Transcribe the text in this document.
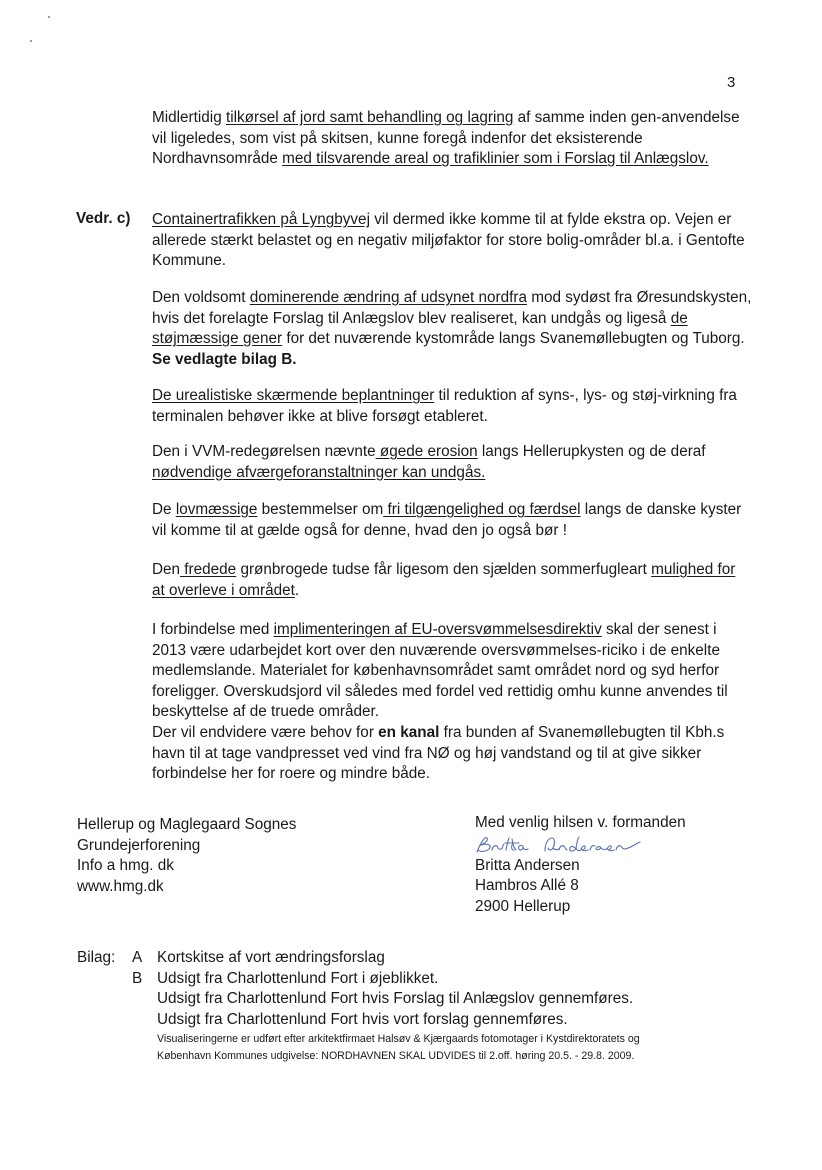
3

Midlertidig tilkørsel af jord samt behandling og lagring af samme inden gen-anvendelse vil ligeledes, som vist på skitsen, kunne foregå indenfor det eksisterende Nordhavnsområde med tilsvarende areal og trafiklinier som i Forslag til Anlægslov.

Vedr. c) Containertrafikken på Lyngbyvej vil dermed ikke komme til at fylde ekstra op. Vejen er allerede stærkt belastet og en negativ miljøfaktor for store bolig-områder bl.a. i Gentofte Kommune.

Den voldsomt dominerende ændring af udsynet nordfra mod sydøst fra Øresundskysten, hvis det forelagte Forslag til Anlægslov blev realiseret, kan undgås og ligeså de støjmæssige gener for det nuværende kystområde langs Svanemøllebugten og Tuborg. Se vedlagte bilag B.

De urealistiske skærmende beplantninger til reduktion af syns-, lys- og støj-virkning fra terminalen behøver ikke at blive forsøgt etableret.

Den i VVM-redegørelsen nævnte øgede erosion langs Hellerupkysten og de deraf nødvendige afværgeforanstaltninger kan undgås.

De lovmæssige bestemmelser om fri tilgængelighed og færdsel langs de danske kyster vil komme til at gælde også for denne, hvad den jo også bør !

Den fredede grønbrogede tudse får ligesom den sjælden sommerfugleart mulighed for at overleve i området.

I forbindelse med implimenteringen af EU-oversvømmelsesdirektiv skal der senest i 2013 være udarbejdet kort over den nuværende oversvømmelses-riciko i de enkelte medlemslande. Materialet for københavnsområdet samt området nord og syd herfor foreligger. Overskudsjord vil således med fordel ved rettidig omhu kunne anvendes til beskyttelse af de truede områder.

Der vil endvidere være behov for en kanal fra bunden af Svanemøllebugten til Kbh.s havn til at tage vandpresset ved vind fra NØ og høj vandstand og til at give sikker forbindelse her for roere og mindre både.

Hellerup og Maglegaard Sognes
Grundejerforening
Info a hmg. dk
www.hmg.dk
Med venlig hilsen v. formanden
Britta Andersen
Hambros Allé 8
2900 Hellerup
Bilag:	A Kortskitse af vort ændringsforslag
B Udsigt fra Charlottenlund Fort i øjeblikket.
Udsigt fra Charlottenlund Fort hvis Forslag til Anlægslov gennemføres.
Udsigt fra Charlottenlund Fort hvis vort forslag gennemføres.
Visualiseringerne er udført efter arkitektfirmaet Halsøv & Kjærgaards fotomotager i Kystdirektoratets og
København Kommunes udgivelse: NORDHAVNEN SKAL UDVIDES til 2.off. høring 20.5. - 29.8. 2009.
